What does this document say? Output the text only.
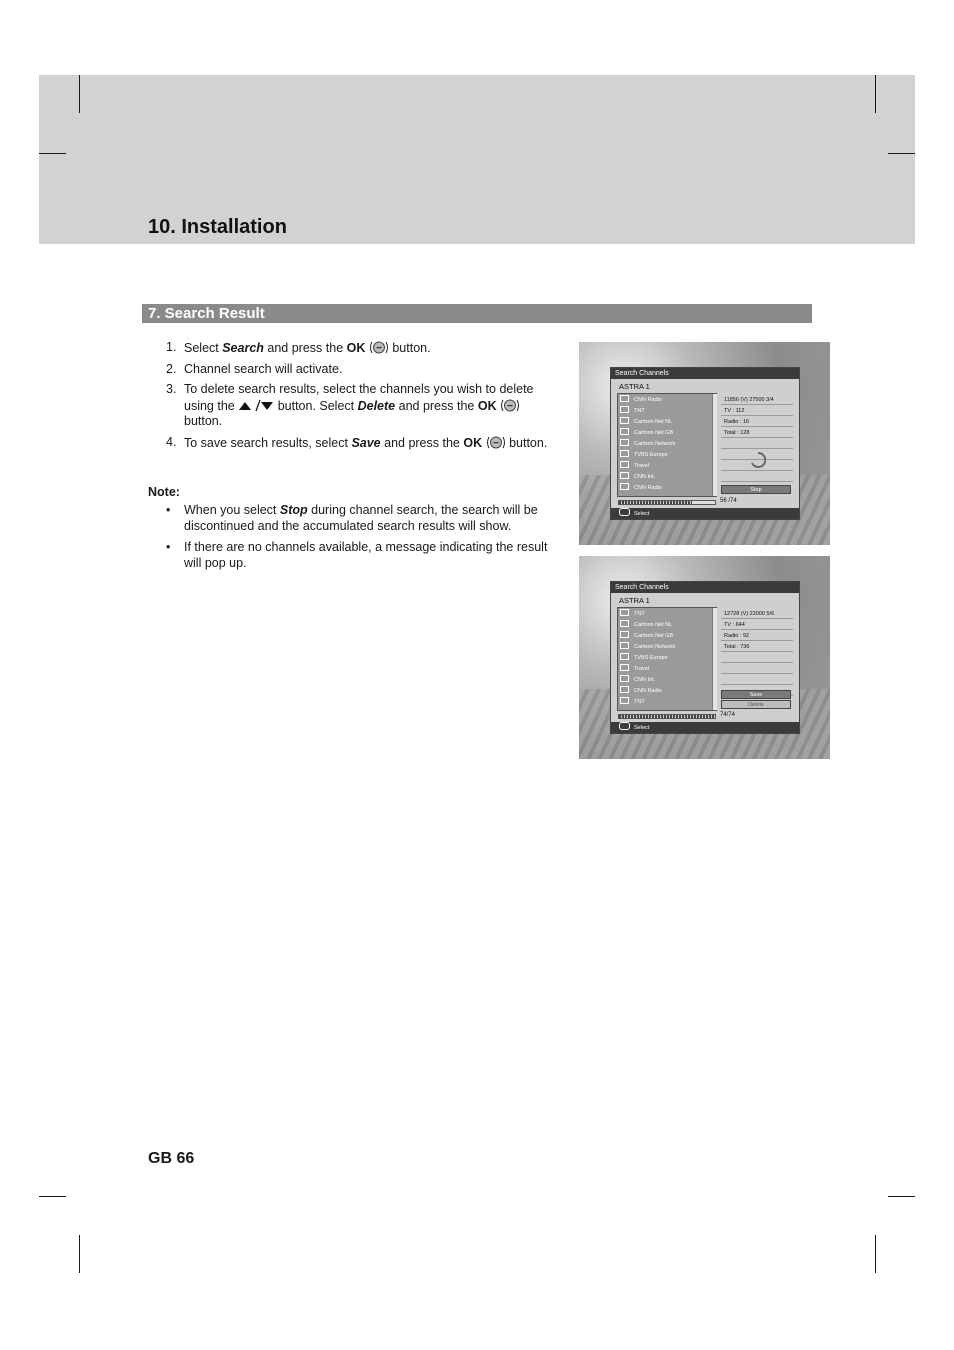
10. Installation
7. Search Result
1. Select Search and press the OK  button.
2. Channel search will activate.
3. To delete search results, select the channels you wish to delete using the	button. Select Delete and press the OK  button.
4. To save search results, select Save and press the OK  button.
Note:
• When you select Stop during channel search, the search will be discontinued and the accumulated search results will show.
• If there are no channels available, a message indicating the result will pop up.
Search Channels
ASTRA 1
CNN Radio
TNT
Cartoon Net NL
Cartoon Net GB
Cartoon Network
TVBS Europe
Travel
CNN Int.
CNN Radio
11856 (V) 27500 3/4
TV : 112
Radio : 16
Total : 128
Stop
56 /74
Select
Search Channels
ASTRA 1
TNT
Cartoon Net NL
Cartoon Net GB
Cartoon Network
TVBS Europe
Travel
CNN Int.
CNN Radio
TNT
12728 (V) 22000 5/6
TV : 644
Radio : 92
Total : 736
Save
Delete
74/74
Select
GB 66
